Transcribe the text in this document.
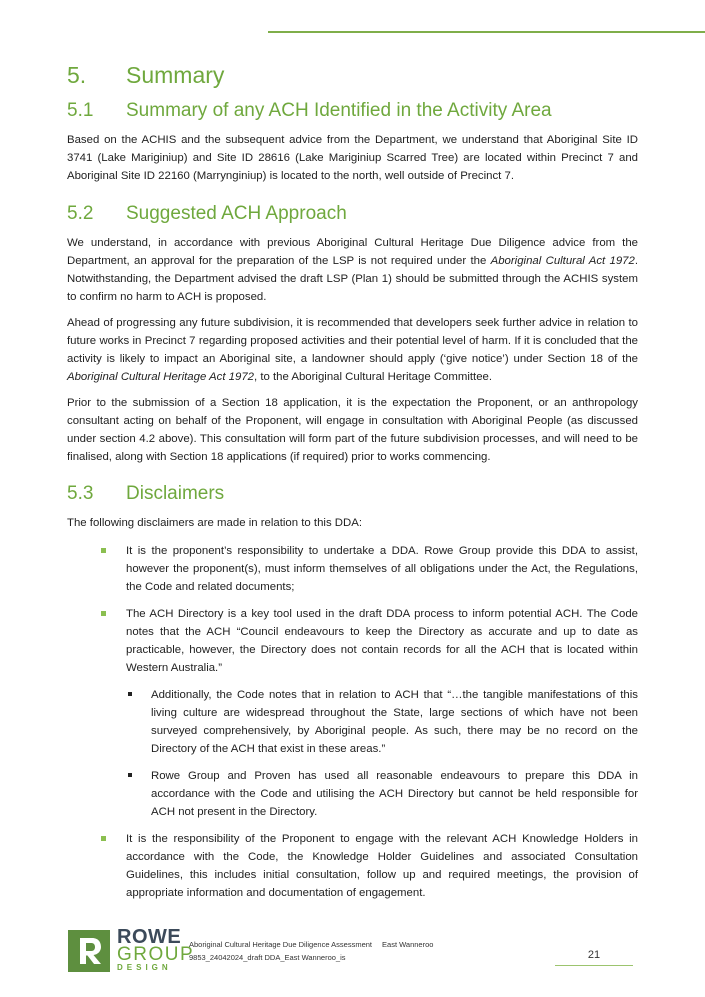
5.	Summary
5.1	Summary of any ACH Identified in the Activity Area

Based on the ACHIS and the subsequent advice from the Department, we understand that Aboriginal Site ID 3741 (Lake Mariginiup) and Site ID 28616 (Lake Mariginiup Scarred Tree) are located within Precinct 7 and Aboriginal Site ID 22160 (Marrynginiup) is located to the north, well outside of Precinct 7.

5.2	Suggested ACH Approach

We understand, in accordance with previous Aboriginal Cultural Heritage Due Diligence advice from the Department, an approval for the preparation of the LSP is not required under the Aboriginal Cultural Act 1972. Notwithstanding, the Department advised the draft LSP (Plan 1) should be submitted through the ACHIS system to confirm no harm to ACH is proposed.

Ahead of progressing any future subdivision, it is recommended that developers seek further advice in relation to future works in Precinct 7 regarding proposed activities and their potential level of harm. If it is concluded that the activity is likely to impact an Aboriginal site, a landowner should apply (‘give notice’) under Section 18 of the Aboriginal Cultural Heritage Act 1972, to the Aboriginal Cultural Heritage Committee.

Prior to the submission of a Section 18 application, it is the expectation the Proponent, or an anthropology consultant acting on behalf of the Proponent, will engage in consultation with Aboriginal People (as discussed under section 4.2 above). This consultation will form part of the future subdivision processes, and will need to be finalised, along with Section 18 applications (if required) prior to works commencing.

5.3	Disclaimers

The following disclaimers are made in relation to this DDA:

It is the proponent’s responsibility to undertake a DDA. Rowe Group provide this DDA to assist, however the proponent(s), must inform themselves of all obligations under the Act, the Regulations, the Code and related documents;
The ACH Directory is a key tool used in the draft DDA process to inform potential ACH. The Code notes that the ACH “Council endeavours to keep the Directory as accurate and up to date as practicable, however, the Directory does not contain records for all the ACH that is located within Western Australia.”
Additionally, the Code notes that in relation to ACH that “…the tangible manifestations of this living culture are widespread throughout the State, large sections of which have not been surveyed comprehensively, by Aboriginal people. As such, there may be no record on the Directory of the ACH that exist in these areas.”
Rowe Group and Proven has used all reasonable endeavours to prepare this DDA in accordance with the Code and utilising the ACH Directory but cannot be held responsible for ACH not present in the Directory.
It is the responsibility of the Proponent to engage with the relevant ACH Knowledge Holders in accordance with the Code, the Knowledge Holder Guidelines and associated Consultation Guidelines, this includes initial consultation, follow up and required meetings, the provision of appropriate information and documentation of engagement.
ROWE
GROUP
DESIGN
Aboriginal Cultural Heritage Due Diligence Assessment East Wanneroo
9853_24042024_draft DDA_East Wanneroo_is	21
